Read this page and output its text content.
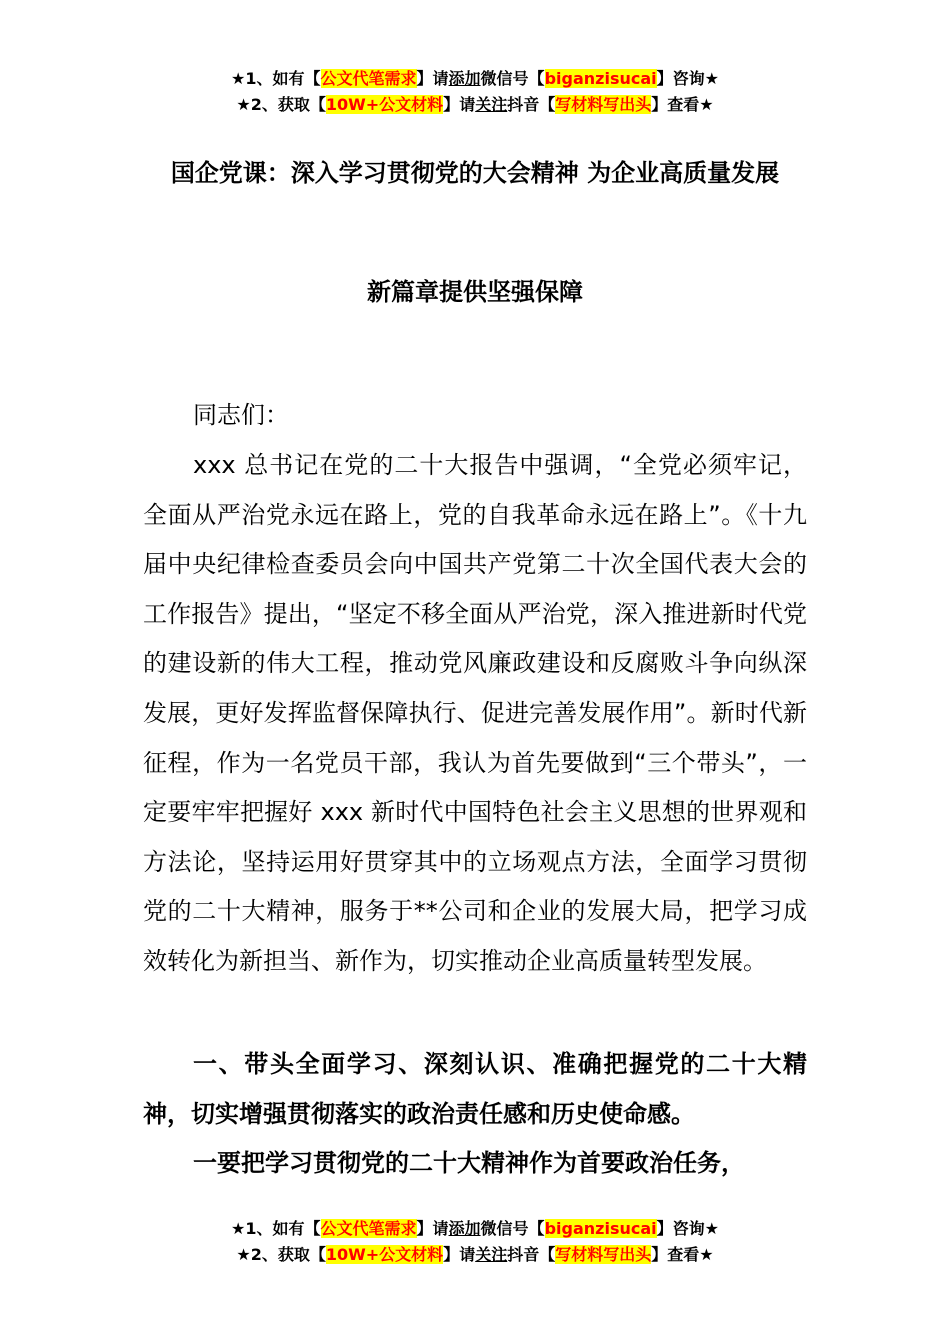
★1、如有【公文代笔需求】请添加微信号【biganzisucai】咨询★
★2、获取【10W+公文材料】请关注抖音【写材料写出头】查看★
国企党课：深入学习贯彻党的大会精神 为企业高质量发展
新篇章提供坚强保障
同志们：
xxx 总书记在党的二十大报告中强调，“全党必须牢记，全面从严治党永远在路上，党的自我革命永远在路上”。《十九届中央纪律检查委员会向中国共产党第二十次全国代表大会的工作报告》提出，“坚定不移全面从严治党，深入推进新时代党的建设新的伟大工程，推动党风廉政建设和反腐败斗争向纵深发展，更好发挥监督保障执行、促进完善发展作用”。新时代新征程，作为一名党员干部，我认为首先要做到“三个带头”，一定要牢牢把握好 xxx 新时代中国特色社会主义思想的世界观和方法论，坚持运用好贯穿其中的立场观点方法，全面学习贯彻党的二十大精神，服务于**公司和企业的发展大局，把学习成效转化为新担当、新作为，切实推动企业高质量转型发展。
一、带头全面学习、深刻认识、准确把握党的二十大精神，切实增强贯彻落实的政治责任感和历史使命感。
一要把学习贯彻党的二十大精神作为首要政治任务，
★1、如有【公文代笔需求】请添加微信号【biganzisucai】咨询★
★2、获取【10W+公文材料】请关注抖音【写材料写出头】查看★
